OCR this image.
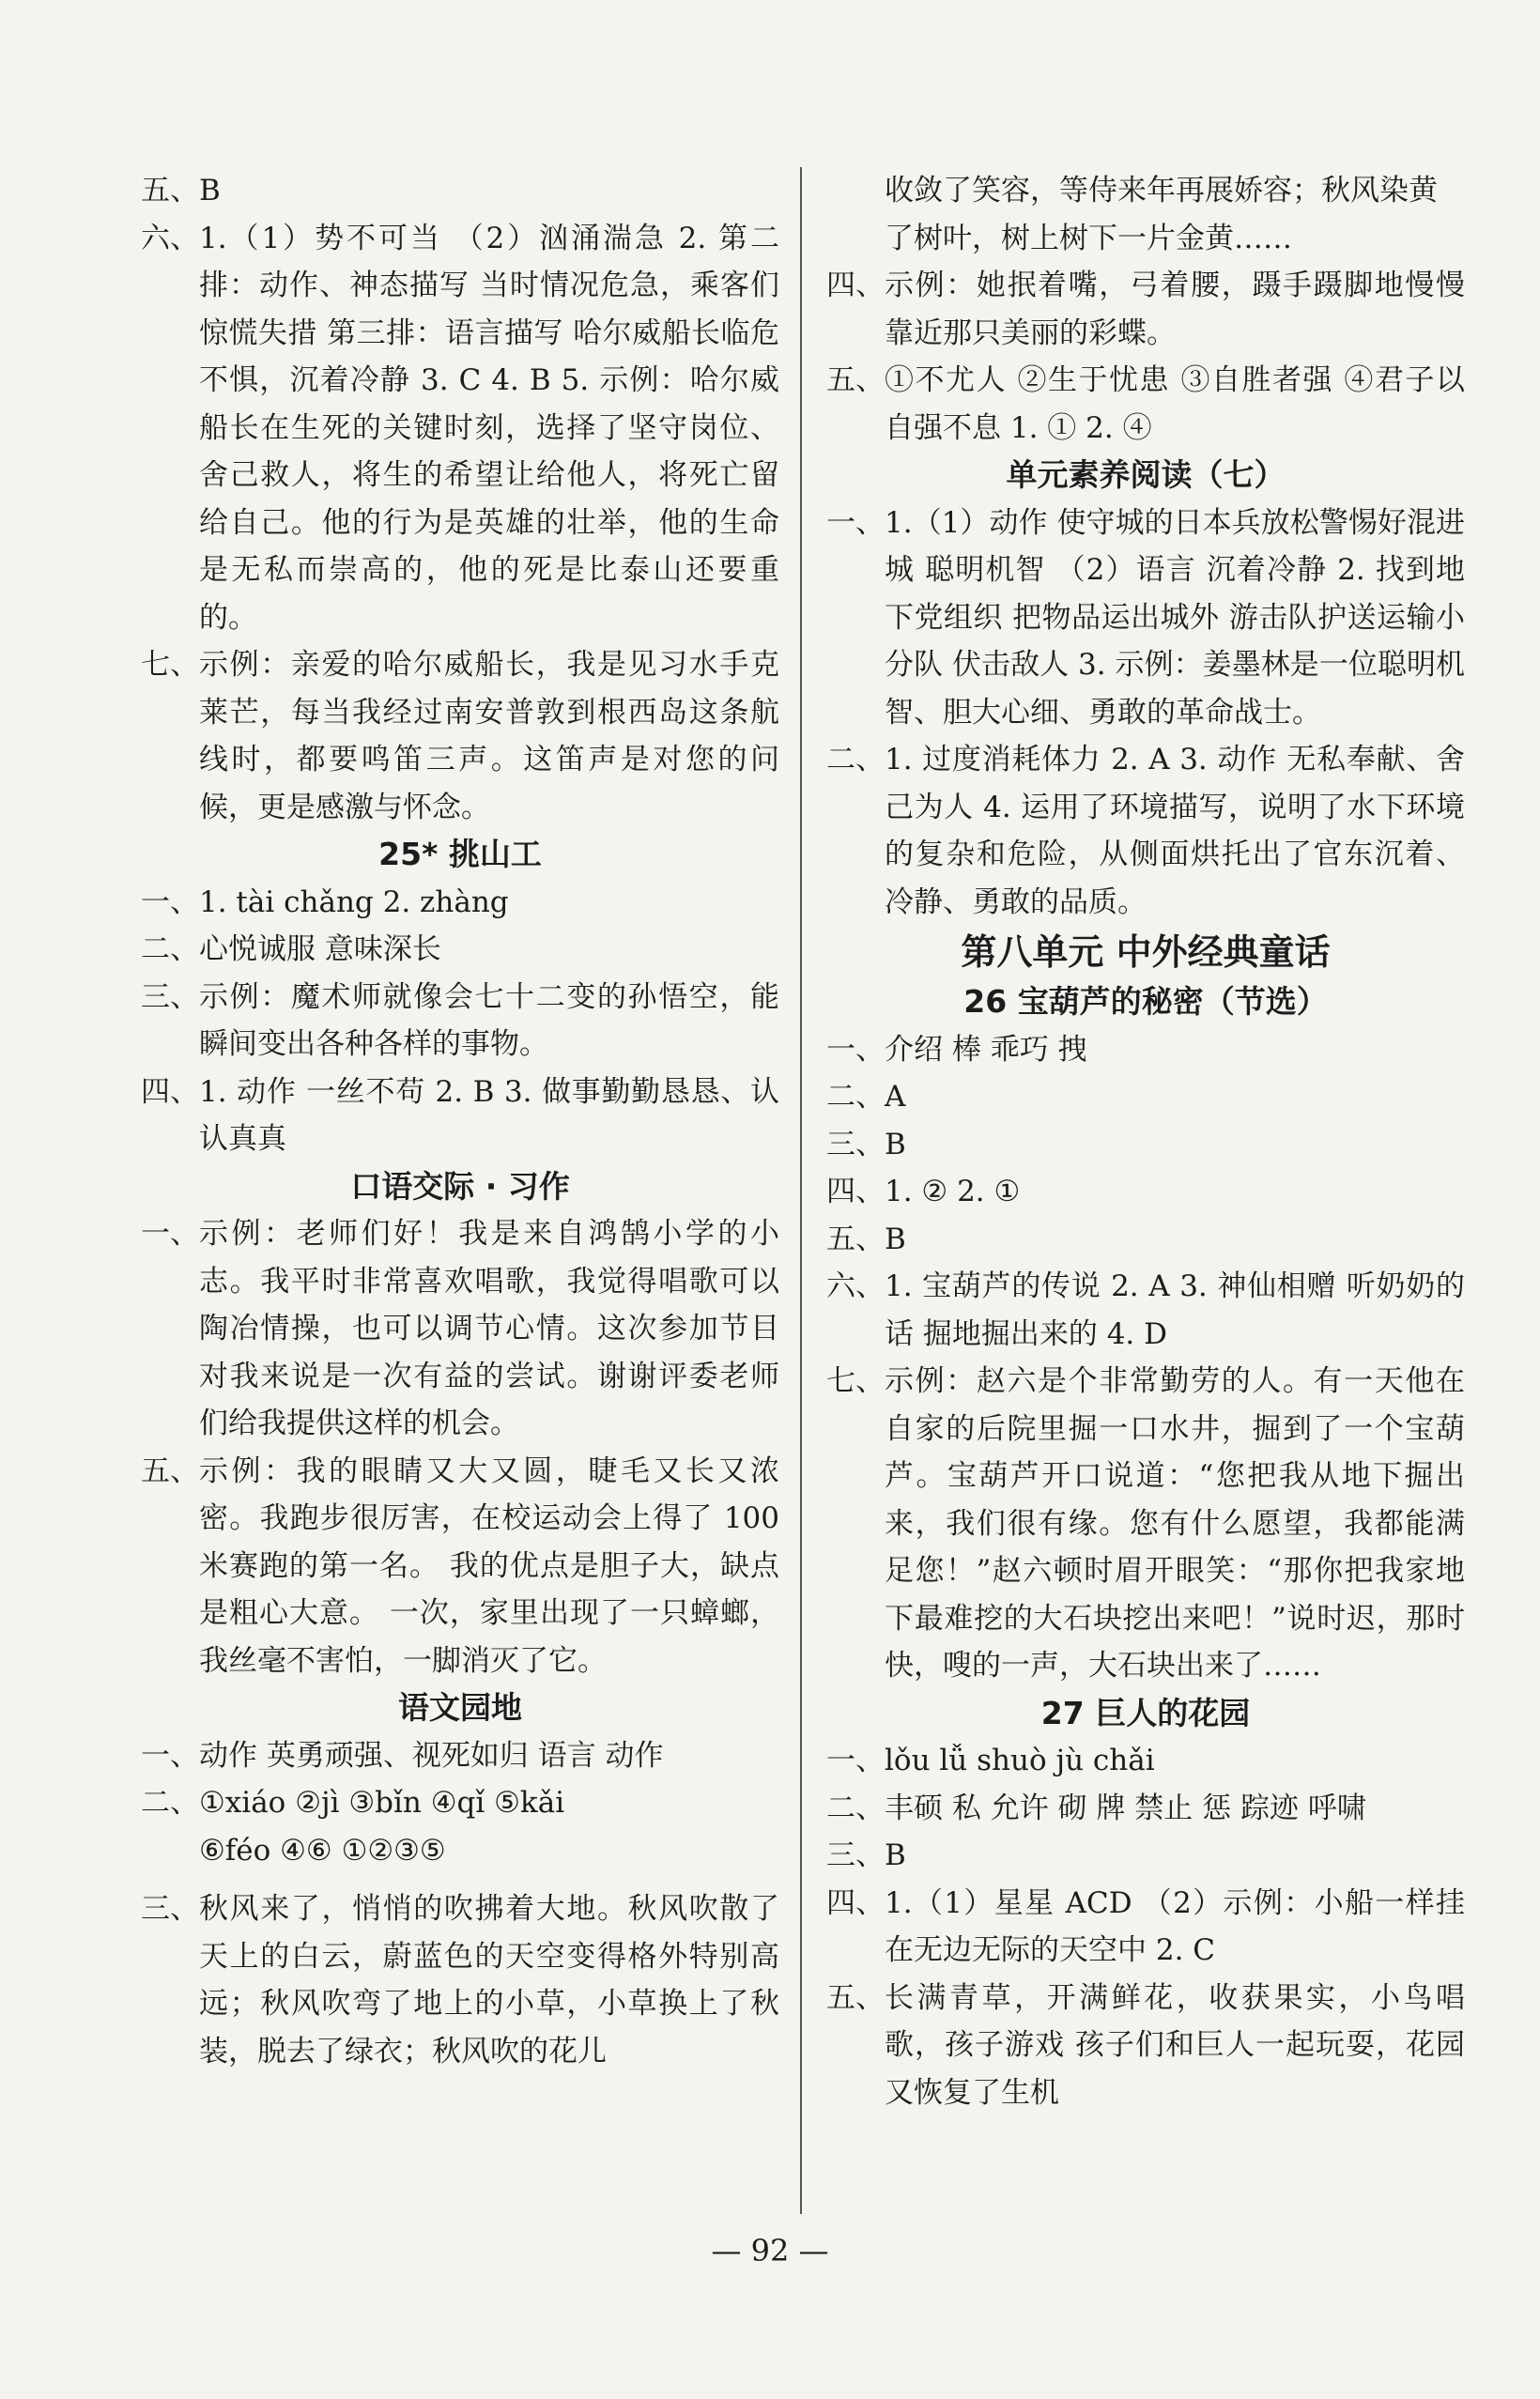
五、 B
六、 1.（1）势不可当 （2）汹涌湍急 2. 第二排：动作、神态描写 当时情况危急，乘客们惊慌失措 第三排：语言描写 哈尔威船长临危不惧，沉着冷静 3. C 4. B 5. 示例：哈尔威船长在生死的关键时刻，选择了坚守岗位、舍己救人，将生的希望让给他人，将死亡留给自己。他的行为是英雄的壮举，他的生命是无私而崇高的，他的死是比泰山还要重的。
七、 示例：亲爱的哈尔威船长，我是见习水手克莱芒，每当我经过南安普敦到根西岛这条航线时，都要鸣笛三声。这笛声是对您的问候，更是感激与怀念。
25* 挑山工
一、 1. tài chǎng 2. zhàng
二、 心悦诚服 意味深长
三、 示例：魔术师就像会七十二变的孙悟空，能瞬间变出各种各样的事物。
四、 1. 动作 一丝不苟 2. B 3. 做事勤勤恳恳、认认真真
口语交际 · 习作
一、 示例：老师们好！我是来自鸿鹄小学的小志。我平时非常喜欢唱歌，我觉得唱歌可以陶冶情操，也可以调节心情。这次参加节目对我来说是一次有益的尝试。谢谢评委老师们给我提供这样的机会。
五、 示例：我的眼睛又大又圆，睫毛又长又浓密。我跑步很厉害，在校运动会上得了 100 米赛跑的第一名。 我的优点是胆子大，缺点是粗心大意。 一次，家里出现了一只蟑螂，我丝毫不害怕，一脚消灭了它。
语文园地
一、 动作 英勇顽强、视死如归 语言 动作
二、 ①xiáo ②jì ③bǐn ④qǐ ⑤kǎi
⑥féo ④⑥ ①②③⑤
三、 秋风来了，悄悄的吹拂着大地。秋风吹散了天上的白云，蔚蓝色的天空变得格外特别高远；秋风吹弯了地上的小草，小草换上了秋装，脱去了绿衣；秋风吹的花儿
收敛了笑容，等侍来年再展娇容；秋风染黄了树叶，树上树下一片金黄……
四、 示例：她抿着嘴，弓着腰，蹑手蹑脚地慢慢靠近那只美丽的彩蝶。
五、 ①不尤人 ②生于忧患 ③自胜者强 ④君子以自强不息 1. ① 2. ④
单元素养阅读（七）
一、 1.（1）动作 使守城的日本兵放松警惕好混进城 聪明机智 （2）语言 沉着冷静 2. 找到地下党组织 把物品运出城外 游击队护送运输小分队 伏击敌人 3. 示例：姜墨林是一位聪明机智、胆大心细、勇敢的革命战士。
二、 1. 过度消耗体力 2. A 3. 动作 无私奉献、舍己为人 4. 运用了环境描写，说明了水下环境的复杂和危险，从侧面烘托出了官东沉着、冷静、勇敢的品质。
第八单元 中外经典童话
26 宝葫芦的秘密（节选）
一、 介绍 棒 乖巧 拽
二、 A
三、 B
四、 1. ② 2. ①
五、 B
六、 1. 宝葫芦的传说 2. A 3. 神仙相赠 听奶奶的话 掘地掘出来的 4. D
七、 示例：赵六是个非常勤劳的人。有一天他在自家的后院里掘一口水井，掘到了一个宝葫芦。宝葫芦开口说道：“您把我从地下掘出来，我们很有缘。您有什么愿望，我都能满足您！”赵六顿时眉开眼笑：“那你把我家地下最难挖的大石块挖出来吧！”说时迟，那时快，嗖的一声，大石块出来了……
27 巨人的花园
一、 lǒu lǚ shuò jù chǎi
二、 丰硕 私 允许 砌 牌 禁止 惩 踪迹 呼啸
三、 B
四、 1.（1）星星 ACD （2）示例：小船一样挂在无边无际的天空中 2. C
五、 长满青草，开满鲜花，收获果实，小鸟唱歌，孩子游戏 孩子们和巨人一起玩耍，花园又恢复了生机
— 92 —
